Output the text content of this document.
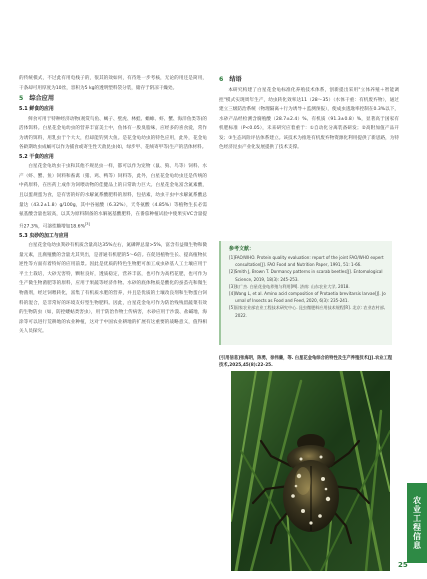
的传统模式，不过此有用电栈子的，很其的效如何，有待进一步考核，无论的用还是简用，干条却可用厚度为10丝，容积为5 kg的透明塑料袋分装，储存于阴凉干燥处。

5 综合应用
5.1 鲜食的应用

鲜食可用于特种经济动物(观赏鸟鱼、蝎子、壁虎、林蛙、蟾蜍、虾、蟹、海洋鱼类等)的活体饵料。白星花金龟幼虫的营养丰富美士中，鱼体有一股臭脂味，应经多的喜食爱，常作为诱钓饵料，用乳虫于个大大，但却能钓到大鱼。是花金龟幼虫的特色应用，此外，花金龟各龄期幼虫成蛹可以作为捕食或寄生性天敌昆虫(如，绿步甲、花绒寄甲等)生产的活体材料。

5.2 干食的应用

白星花金龟幼虫干虫和其他不规昆虫一样，都可以作为宠物（鼠、狗、鸟等）饲料、水产（虾、蟹、鱼）饲料和畜禽（猪、鸡、鸭等）饲料等，此外，白星花金龟幼虫还是传统的中药原料，在医药上成作为饲喂动物的佳健品上的日常助力巨大。白星花金龟富含氮素酸，且以蛋规蛋为食，是有害的好的水解氮系酸肥料的原料，包括素，幼虫干虫中水解氮系酸总量达（43.2±1.8）g/100g，其中谷氨酸（6.32%），天冬氨酸（4.85%）等植物生长必需氨基酸含量也较高，以其为原料制备的水解氨基酸肥料，在番茄种植试验中使果实VC含量提升27.3%，可溶性糖增加18.6%[3]

5.3 虫砂的加工与应用

白星花金龟幼虫粪砂有机质含量高达35%左右，氮磷钾总量>5%，富含有益微生物和微量元素，且腐殖酸的含量尤其突出，是普通有机肥的5～6倍。在促进植物生长、提高植物抗逆性等方面有着特好的应用前景。因此是优质的特色生物肥可加工成虫砂基人工土壤应用于平土土栽培，大砂无害特，颗粒良好，透质稳定，营养丰富，也可作为高档花肥，也可作为生产微生物菌肥等的原料，应用于果蔬等经济作物。水砂的底体物质是酸化的蚕茧壳和微生物菌剂，经过饲喂转化，富集了有机质水肥的营养，并且是优质的土壤改良剂和生物蛋白饲料的混合，是非常好的环境友好型生物肥料。因此，白星花金龟可作为防治残残留蔬菜有效的生物防虫（如，防控蝼蛄类害虫），用于防治作物土传病害，水砂应用于沙漠、盐碱地，海涂等可以进行荒耕地的农业种植，这对于中国农业耕地的扩展有这重要的战略意义，值得相关人员探究。

6 结语

本研究构建了白星花金龟标准化养殖技术体系，创新提出采用"立体养殖＋智能调控"模式实现周年生产，幼虫转化效率达11（28～35）（水体干重：有机废弃物），通过建立三级防治系统（物理隔离＋行为诱导＋监测预报），使成虫逃逸率控制在0.3%以下，水砂产品经检测含腐殖酸（28.7±2.4）%、有机质（91.3±0.8）%，显著高于国家有机肥标准（P<0.05），未来研究应着重于：①自动化分离装备研发；②高附加值产品开发；③生态风险评估体系建立。该技术为推进有机废弃物资源化利用提供了新思路，为特色经济昆虫产业化发展提供了技术支撑。

参考文献：
[1]FAO/WHO. Protein quality evaluation: report of the joint FAO/WHO expert consultation[J]. FAO Food and Nutrition Paper, 1991, 51: 1-66.
[2]Smith J, Brown T. Dormancy patterns in scarab beetles[J]. Entomological Science, 2019, 18(3): 245-253.
[3]张广杰. 白星花金龟养殖与利用[M]. 济南: 山东农业大学, 2018.
[4]Wang L, et al. Amino acid composition of Protaetia brevitarsis larvae[J]. Journal of Insects as Food and Feed, 2020, 6(3): 235-241.
[5]国家农业部农业工程技术研究中心. 昆虫微肥料应用技术规程[R]. 北京: 农业农村部, 2022.
[引用信息]张海玥，陈勇，徐伟廉，等. 白星花金龟综合的特性及生产养殖技术[J].农业工程技术,2025,45(8):22-25.
农业工程信息
25
